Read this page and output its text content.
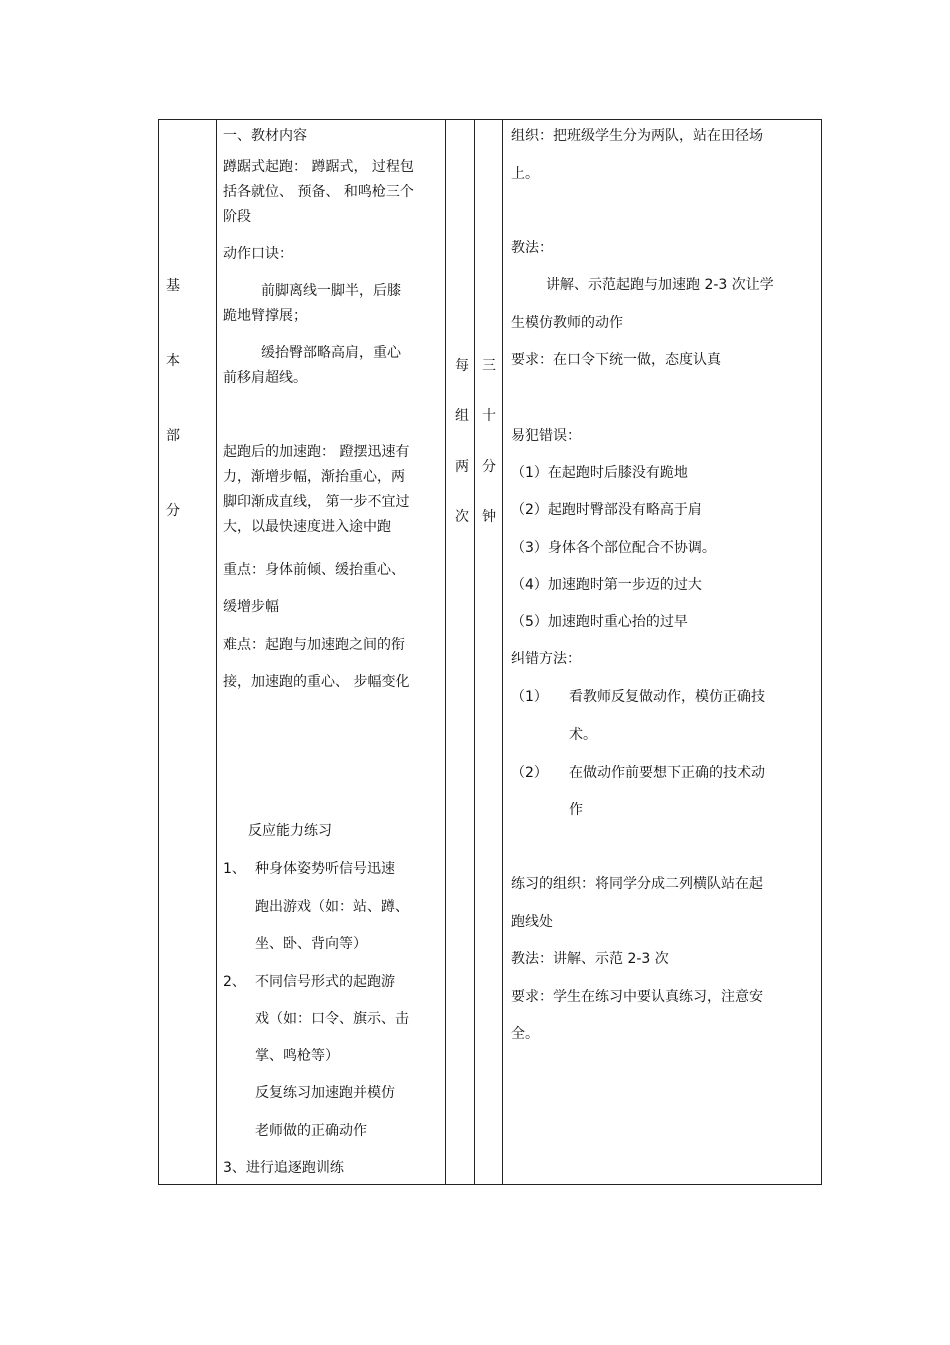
基
本
部
分
一、教材内容
蹲踞式起跑： 蹲踞式， 过程包
括各就位、 预备、 和鸣枪三个
阶段
动作口诀：
前脚离线一脚半，后膝
跪地臂撑展；
缓抬臀部略高肩，重心
前移肩超线。
起跑后的加速跑： 蹬摆迅速有
力，渐增步幅，渐抬重心，两
脚印渐成直线， 第一步不宜过
大，以最快速度进入途中跑
重点：身体前倾、缓抬重心、
缓增步幅
难点：起跑与加速跑之间的衔
接，加速跑的重心、 步幅变化
反应能力练习
1、 种身体姿势听信号迅速
跑出游戏（如：站、蹲、
坐、卧、背向等）
2、 不同信号形式的起跑游
戏（如：口令、旗示、击
掌、鸣枪等）
反复练习加速跑并模仿
老师做的正确动作
3、进行追逐跑训练
每
组
两
次
三
十
分
钟
组织：把班级学生分为两队，站在田径场
上。
教法：
讲解、示范起跑与加速跑 2-3 次让学
生模仿教师的动作
要求：在口令下统一做，态度认真
易犯错误：
（1）在起跑时后膝没有跪地
（2）起跑时臀部没有略高于肩
（3）身体各个部位配合不协调。
（4）加速跑时第一步迈的过大
（5）加速跑时重心抬的过早
纠错方法：
（1） 看教师反复做动作，模仿正确技
术。
（2） 在做动作前要想下正确的技术动
作
练习的组织：将同学分成二列横队站在起
跑线处
教法：讲解、示范 2-3 次
要求：学生在练习中要认真练习，注意安
全。
